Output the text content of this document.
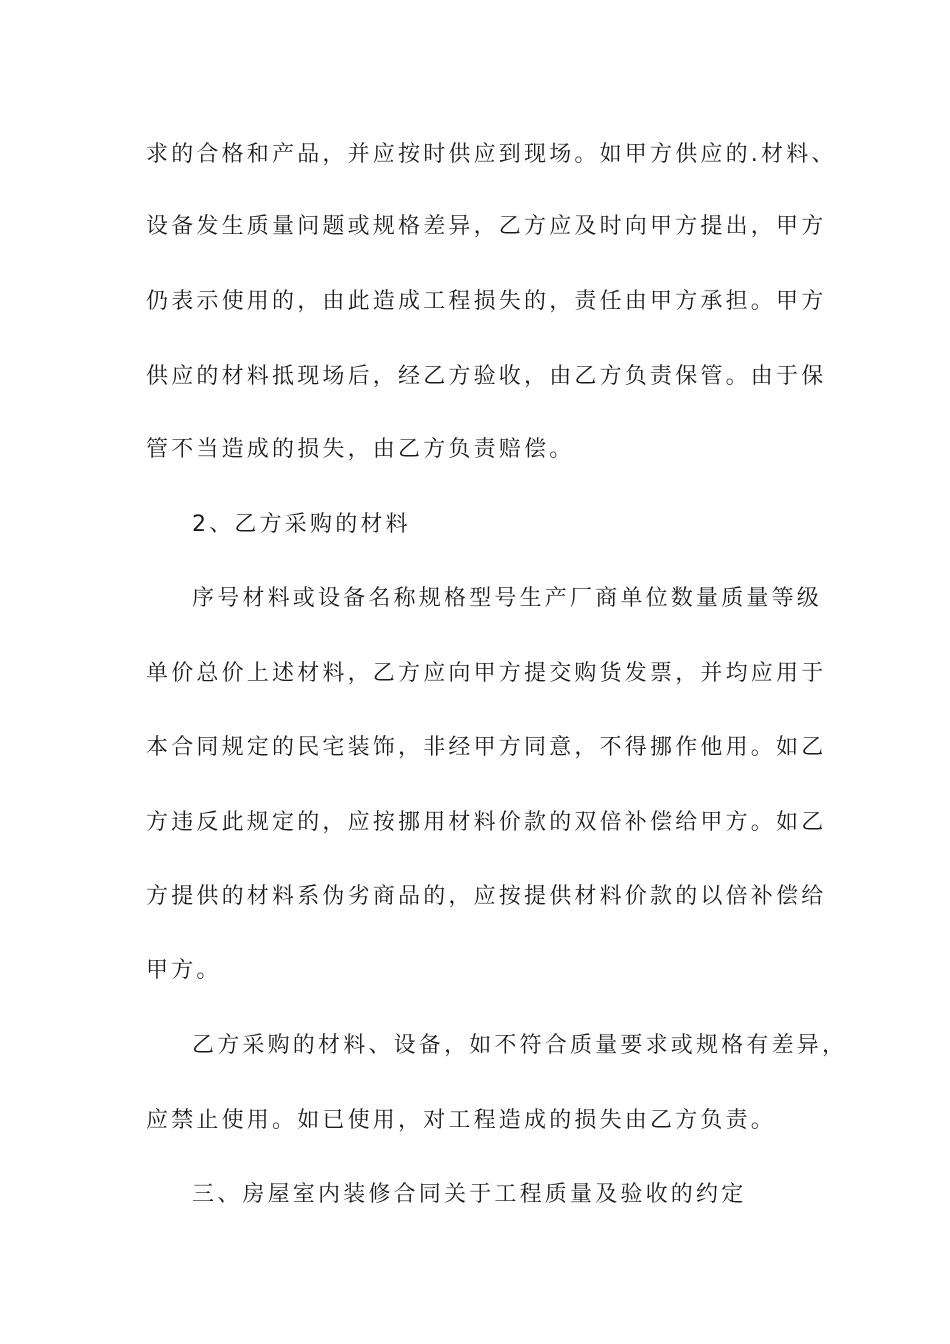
求的合格和产品，并应按时供应到现场。如甲方供应的.材料、
设备发生质量问题或规格差异，乙方应及时向甲方提出，甲方
仍表示使用的，由此造成工程损失的，责任由甲方承担。甲方
供应的材料抵现场后，经乙方验收，由乙方负责保管。由于保
管不当造成的损失，由乙方负责赔偿。
2、乙方采购的材料
序号材料或设备名称规格型号生产厂商单位数量质量等级
单价总价上述材料，乙方应向甲方提交购货发票，并均应用于
本合同规定的民宅装饰，非经甲方同意，不得挪作他用。如乙
方违反此规定的，应按挪用材料价款的双倍补偿给甲方。如乙
方提供的材料系伪劣商品的，应按提供材料价款的以倍补偿给
甲方。
乙方采购的材料、设备，如不符合质量要求或规格有差异，
应禁止使用。如已使用，对工程造成的损失由乙方负责。
三、房屋室内装修合同关于工程质量及验收的约定
